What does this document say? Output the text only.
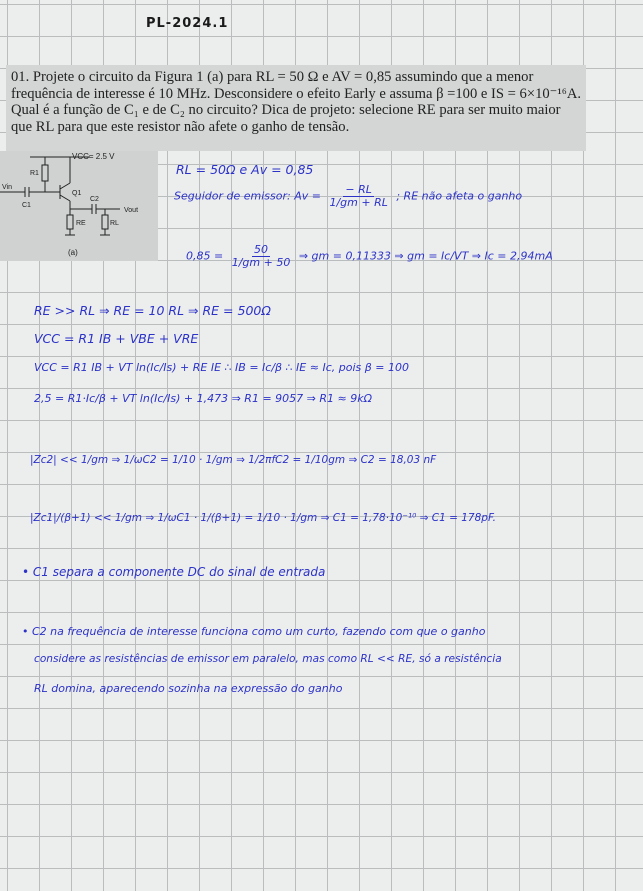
PL-2024.1
01. Projete o circuito da Figura 1 (a) para RL = 50 Ω e AV = 0,85 assumindo que a menor frequência de interesse é 10 MHz. Desconsidere o efeito Early e assuma β =100 e IS = 6×10⁻¹⁶A. Qual é a função de C₁ e de C₂ no circuito? Dica de projeto: selecione RE para ser muito maior que RL para que este resistor não afete o ganho de tensão.
VCC= 2.5 V
R1
Q1
C1
C2
RE	RL
Vin
Vout
(a)
RL = 50Ω e Av = 0,85
Seguidor de emissor: $Av = \frac{- RL}{1/gm + RL}$ ; RE não afeta o ganho
$0,85 = \frac{50}{1/gm + 50}$ ⇒ gm = 0,11333 ⇒ gm = Ic/VT ⇒ Ic = 2,94mA
RE >> RL ⇒ RE = 10 RL ⇒ RE = 500Ω
VCC = R1 IB + VBE + VRE
VCC = R1 IB + VT ln(Ic/Is) + RE IE ∴ IB = Ic/β ∴ IE ≈ Ic, pois β = 100
2,5 = R1·Ic/β + VT ln(Ic/Is) + 1,473 ⇒ R1 = 9057 ⇒ R1 ≈ 9kΩ
|Zc2| << 1/gm ⇒ 1/ωC2 = 1/10 · 1/gm ⇒ 1/2πfC2 = 1/10gm ⇒ C2 = 18,03 nF
|Zc1|/(β+1) << 1/gm ⇒ 1/ωC1 · 1/(β+1) = 1/10 · 1/gm ⇒ C1 = 1,78·10⁻¹⁰ ⇒ C1 = 178pF.
• C1 separa a componente DC do sinal de entrada
• C2 na frequência de interesse funciona como um curto, fazendo com que o ganho
considere as resistências de emissor em paralelo, mas como RL << RE, só a resistência
RL domina, aparecendo sozinha na expressão do ganho
